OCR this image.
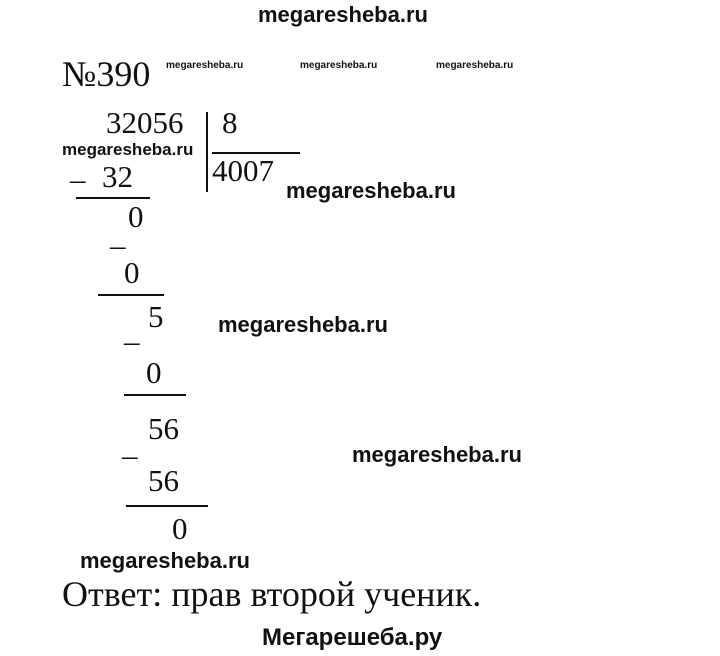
megaresheba.ru
megaresheba.ru	megaresheba.ru	megaresheba.ru
megaresheba.ru
megaresheba.ru
megaresheba.ru
megaresheba.ru
megaresheba.ru
Мегарешеба.ру
№390
32056 8
4007
_ 32
0
_
0
5
_
0
56
_
56
0
Ответ: прав второй ученик.
